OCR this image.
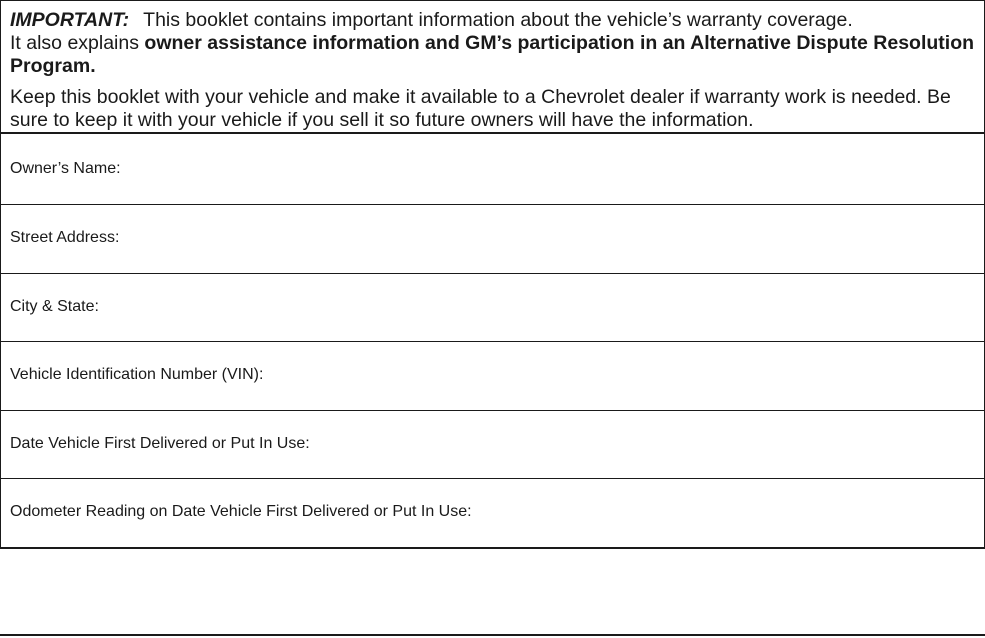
IMPORTANT: This booklet contains important information about the vehicle’s warranty coverage.
It also explains owner assistance information and GM’s participation in an Alternative Dispute Resolution Program.

Keep this booklet with your vehicle and make it available to a Chevrolet dealer if warranty work is needed. Be sure to keep it with your vehicle if you sell it so future owners will have the information.

Owner’s Name:
Street Address:
City & State:
Vehicle Identification Number (VIN):
Date Vehicle First Delivered or Put In Use:
Odometer Reading on Date Vehicle First Delivered or Put In Use:
